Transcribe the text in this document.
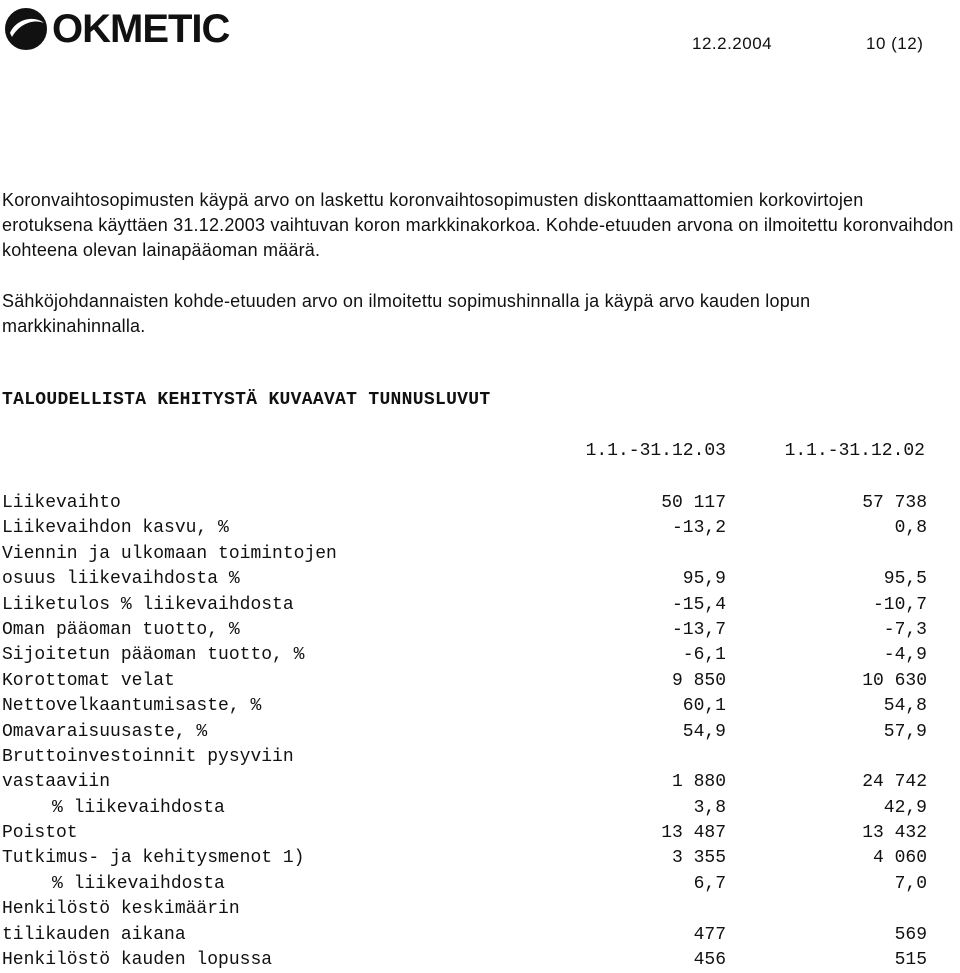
OKMETIC	12.2.2004	10 (12)

Koronvaihtosopimusten käypä arvo on laskettu koronvaihtosopimusten diskonttaamattomien korkovirtojen erotuksena käyttäen 31.12.2003 vaihtuvan koron markkinakorkoa. Kohde-etuuden arvona on ilmoitettu koronvaihdon kohteena olevan lainapääoman määrä.

Sähköjohdannaisten kohde-etuuden arvo on ilmoitettu sopimushinnalla ja käypä arvo kauden lopun markkinahinnalla.

TALOUDELLISTA KEHITYSTÄ KUVAAVAT TUNNUSLUVUT
1.1.-31.12.03	1.1.-31.12.02
Liikevaihto	50 117	57 738
Liikevaihdon kasvu, %	-13,2	0,8
Viennin ja ulkomaan toimintojen
osuus liikevaihdosta %	95,9	95,5
Liiketulos % liikevaihdosta	-15,4	-10,7
Oman pääoman tuotto, %	-13,7	-7,3
Sijoitetun pääoman tuotto, %	-6,1	-4,9
Korottomat velat	9 850	10 630
Nettovelkaantumisaste, %	60,1	54,8
Omavaraisuusaste, %	54,9	57,9
Bruttoinvestoinnit pysyviin
vastaaviin	1 880	24 742
% liikevaihdosta	3,8	42,9
Poistot	13 487	13 432
Tutkimus- ja kehitysmenot 1)	3 355	4 060
% liikevaihdosta	6,7	7,0
Henkilöstö keskimäärin
tilikauden aikana	477	569
Henkilöstö kauden lopussa	456	515
